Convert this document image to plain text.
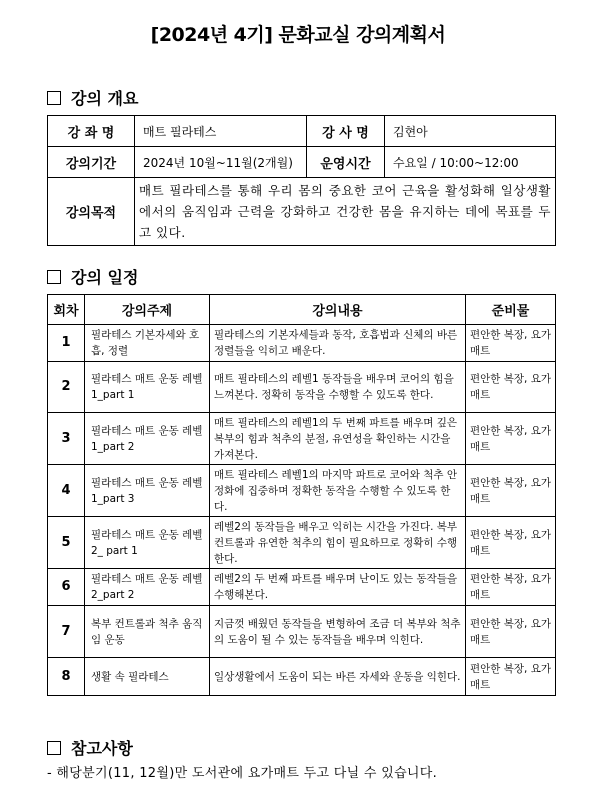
[2024년 4기] 문화교실 강의계획서
강의 개요
강 좌 명	매트 필라테스	강 사 명	김현아
강의기간	2024년 10월~11월(2개월)	운영시간	수요일 / 10:00~12:00
강의목적	매트 필라테스를 통해 우리 몸의 중요한 코어 근육을 활성화해 일상생활에서의 움직임과 근력을 강화하고 건강한 몸을 유지하는 데에 목표를 두고 있다.		
강의 일정
회차	강의주제	강의내용	준비물
1	필라테스 기본자세와 호흡, 정렬	필라테스의 기본자세들과 동작, 호흡법과 신체의 바른 정렬들을 익히고 배운다.	편안한 복장, 요가매트
2	필라테스 매트 운동 레벨 1_part 1	매트 필라테스의 레벨1 동작들을 배우며 코어의 힘을 느껴본다. 정확히 동작을 수행할 수 있도록 한다.	편안한 복장, 요가매트
3	필라테스 매트 운동 레벨 1_part 2	매트 필라테스의 레벨1의 두 번째 파트를 배우며 깊은 복부의 힘과 척추의 분절, 유연성을 확인하는 시간을 가져본다.	편안한 복장, 요가매트
4	필라테스 매트 운동 레벨 1_part 3	매트 필라테스 레벨1의 마지막 파트로 코어와 척추 안정화에 집중하며 정확한 동작을 수행할 수 있도록 한다.	편안한 복장, 요가매트
5	필라테스 매트 운동 레벨 2_ part 1	레벨2의 동작들을 배우고 익히는 시간을 가진다. 복부 컨트롤과 유연한 척추의 힘이 필요하므로 정확히 수행한다.	편안한 복장, 요가매트
6	필라테스 매트 운동 레벨 2_part 2	레벨2의 두 번째 파트를 배우며 난이도 있는 동작들을 수행해본다.	편안한 복장, 요가매트
7	복부 컨트롤과 척추 움직임 운동	지금껏 배웠던 동작들을 변형하여 조금 더 복부와 척추의 도움이 될 수 있는 동작들을 배우며 익힌다.	편안한 복장, 요가매트
8	생활 속 필라테스	일상생활에서 도움이 되는 바른 자세와 운동을 익힌다.	편안한 복장, 요가매트
참고사항
- 해당분기(11, 12월)만 도서관에 요가매트 두고 다닐 수 있습니다.
